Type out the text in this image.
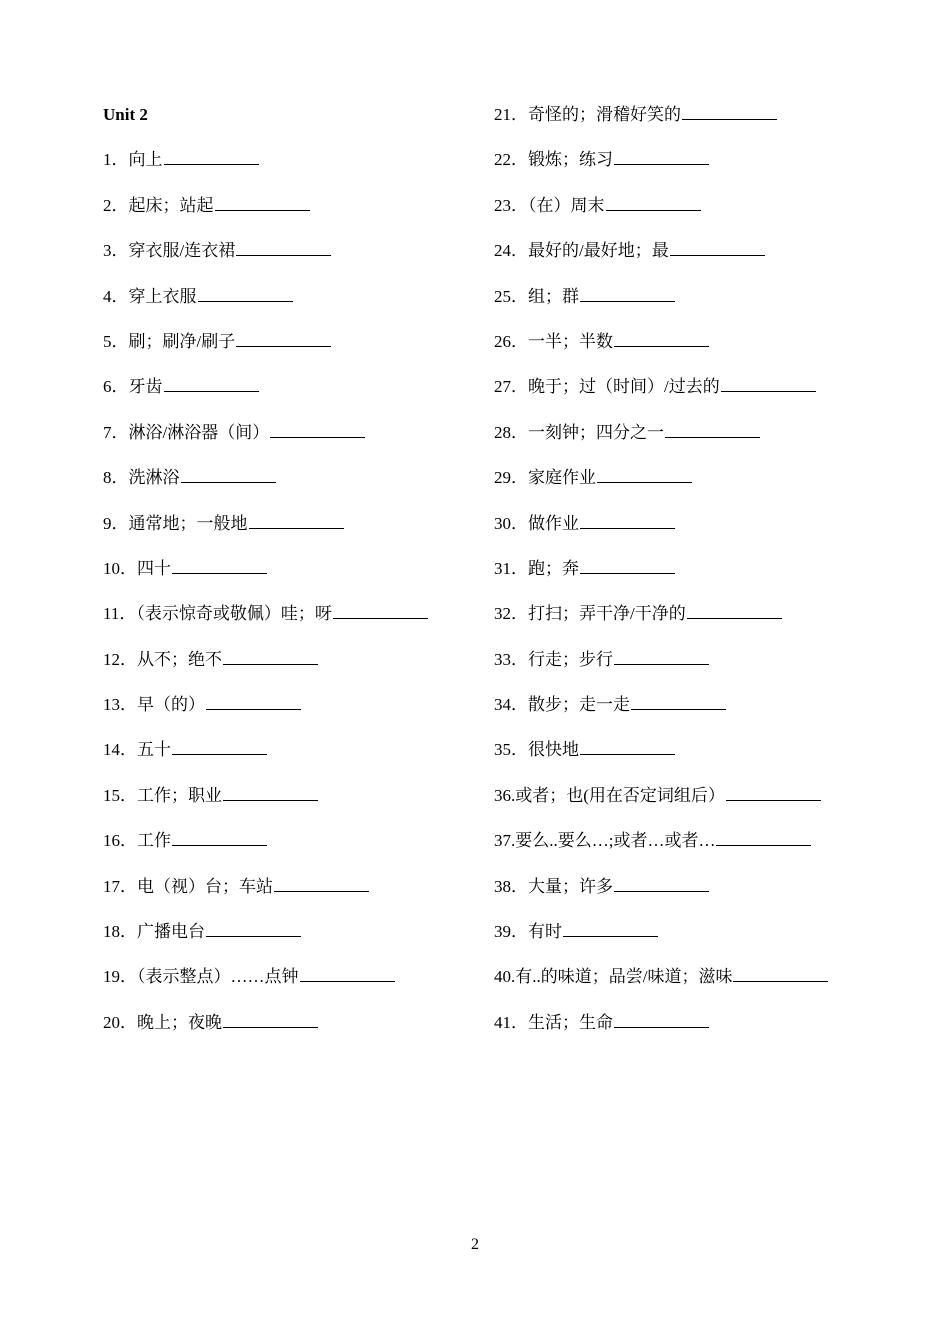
Unit 2
1．向上
2．起床；站起
3．穿衣服/连衣裙
4．穿上衣服
5．刷；刷净/刷子
6．牙齿
7．淋浴/淋浴器（间）
8．洗淋浴
9．通常地；一般地
10．四十
11．（表示惊奇或敬佩）哇；呀
12．从不；绝不
13．早（的）
14．五十
15．工作；职业
16．工作
17．电（视）台；车站
18．广播电台
19．（表示整点）……点钟
20．晚上；夜晚
21．奇怪的；滑稽好笑的
22．锻炼；练习
23．（在）周末
24．最好的/最好地；最
25．组；群
26．一半；半数
27．晚于；过（时间）/过去的
28．一刻钟；四分之一
29．家庭作业
30．做作业
31．跑；奔
32．打扫；弄干净/干净的
33．行走；步行
34．散步；走一走
35．很快地
36.或者；也(用在否定词组后）
37.要么..要么…;或者…或者…
38．大量；许多
39．有时
40.有..的味道；品尝/味道；滋味
41．生活；生命
2
